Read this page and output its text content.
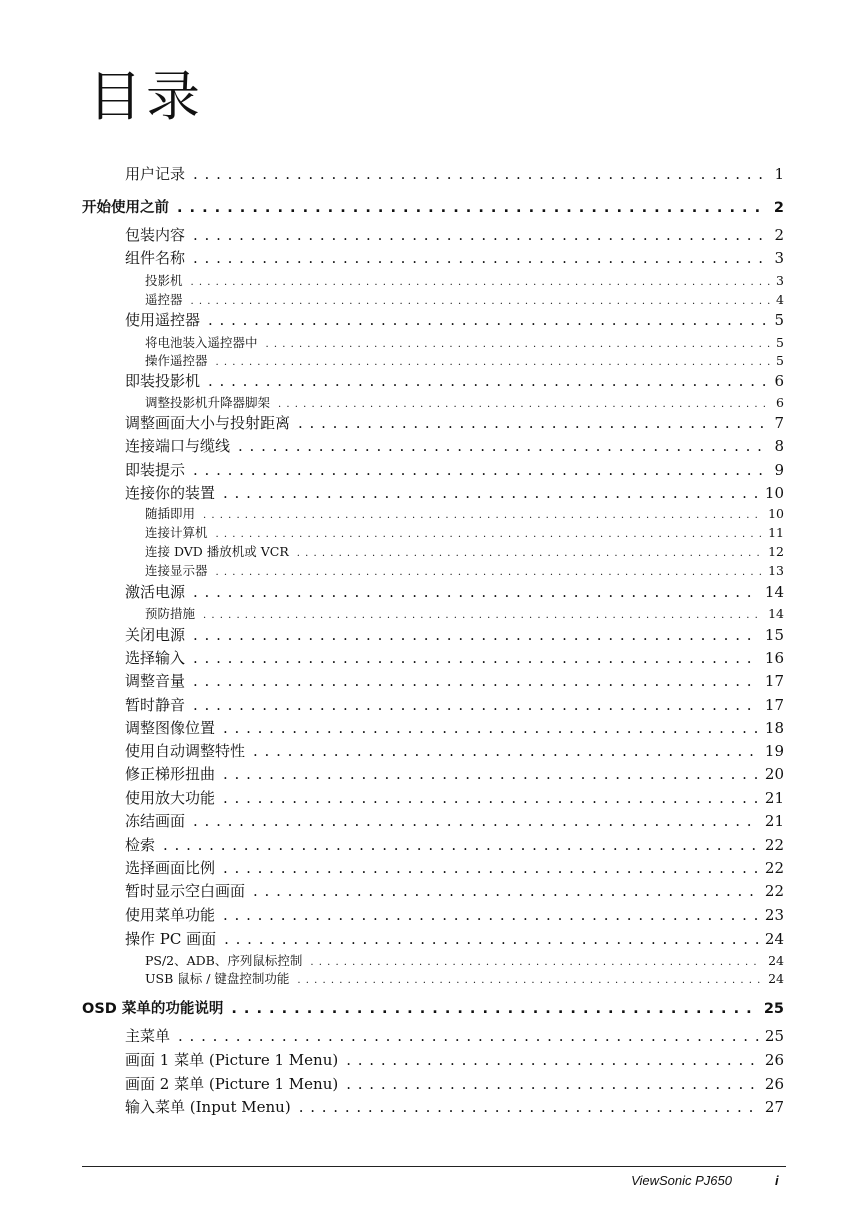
目录
用户记录 . . .	1
开始使用之前 . . .	2
包装内容 . . .	2
组件名称 . . .	3
投影机 . . .	3
遥控器 . . .	4
使用遥控器 . . .	5
将电池装入遥控器中 . . .	5
操作遥控器 . . .	5
即装投影机 . . .	6
调整投影机升降器脚架 . . .	6
调整画面大小与投射距离 . . .	7
连接端口与缆线 . . .	8
即装提示 . . .	9
连接你的装置 . . .	10
随插即用 . . .	10
连接计算机 . . .	11
连接 DVD 播放机或 VCR . . .	12
连接显示器 . . .	13
激活电源 . . .	14
预防措施 . . .	14
关闭电源 . . .	15
选择输入 . . .	16
调整音量 . . .	17
暂时静音 . . .	17
调整图像位置 . . .	18
使用自动调整特性 . . .	19
修正梯形扭曲 . . .	20
使用放大功能 . . .	21
冻结画面 . . .	21
检索 . . .	22
选择画面比例 . . .	22
暂时显示空白画面 . . .	22
使用菜单功能 . . .	23
操作 PC 画面 . . .	24
PS/2、ADB、序列鼠标控制 . . .	24
USB 鼠标 / 键盘控制功能 . . .	24
OSD 菜单的功能说明 . . .	25
主菜单 . . .	25
画面 1 菜单 (Picture 1 Menu) . . .	26
画面 2 菜单 (Picture 1 Menu) . . .	26
输入菜单 (Input Menu) . . .	27
ViewSonic PJ650	i
